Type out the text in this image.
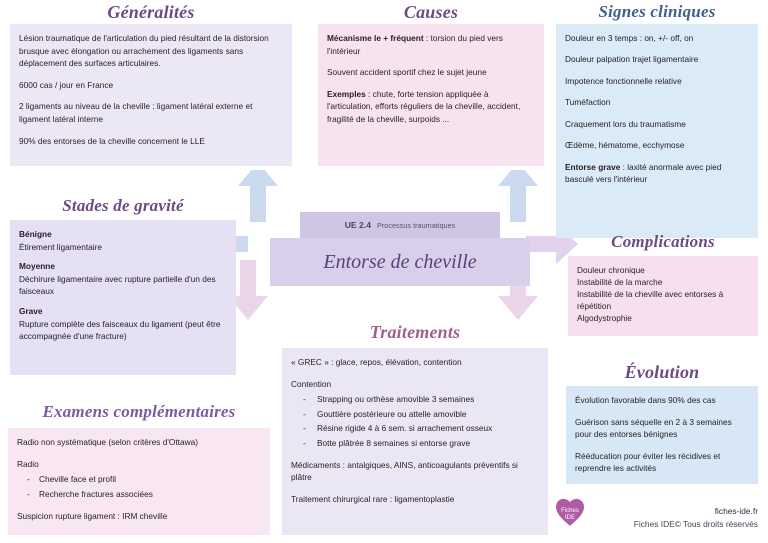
Généralités

Lésion traumatique de l'articulation du pied résultant de la distorsion brusque avec élongation ou arrachement des ligaments sans déplacement des surfaces articulaires.

6000 cas / jour en France

2 ligaments au niveau de la cheville : ligament latéral externe et ligament latéral interne

90% des entorses de la cheville concernent le LLE

Causes

Mécanisme le + fréquent : torsion du pied vers l'intérieur

Souvent accident sportif chez le sujet jeune

Exemples : chute, forte tension appliquée à l'articulation, efforts réguliers de la cheville, accident, fragilité de la cheville, surpoids ...

Signes cliniques

Douleur en 3 temps : on, +/- off, on

Douleur palpation trajet ligamentaire

Impotence fonctionnelle relative

Tuméfaction

Craquement lors du traumatisme

Œdème, hématome, ecchymose

Entorse grave : laxité anormale avec pied basculé vers l'intérieur

Stades de gravité

Bénigne
Étirement ligamentaire

Moyenne
Déchirure ligamentaire avec rupture partielle d'un des faisceaux

Grave
Rupture complète des faisceaux du ligament (peut être accompagnée d'une fracture)

UE 2.4 Processus traumatiques
Entorse de cheville
Complications

Douleur chronique

Instabilité de la marche

Instabilité de la cheville avec entorses à répétition

Algodystrophie

Traitements

« GREC » : glace, repos, élévation, contention

Contention

- Strapping ou orthèse amovible 3 semaines
- Gouttière postérieure ou attelle amovible
- Résine rigide 4 à 6 sem. si arrachement osseux
- Botte plâtrée 8 semaines si entorse grave

Médicaments : antalgiques, AINS, anticoagulants préventifs si plâtre

Traitement chirurgical rare : ligamentoplastie

Examens complémentaires

Radio non systématique (selon critères d'Ottawa)

Radio

- Cheville face et profil
- Recherche fractures associées

Suspicion rupture ligament : IRM cheville

Évolution

Évolution favorable dans 90% des cas

Guérison sans séquelle en 2 à 3 semaines pour des entorses bénignes

Rééducation pour éviter les récidives et reprendre les activités

Fiches
IDE
fiches-ide.fr
Fiches IDE© Tous droits réservés
